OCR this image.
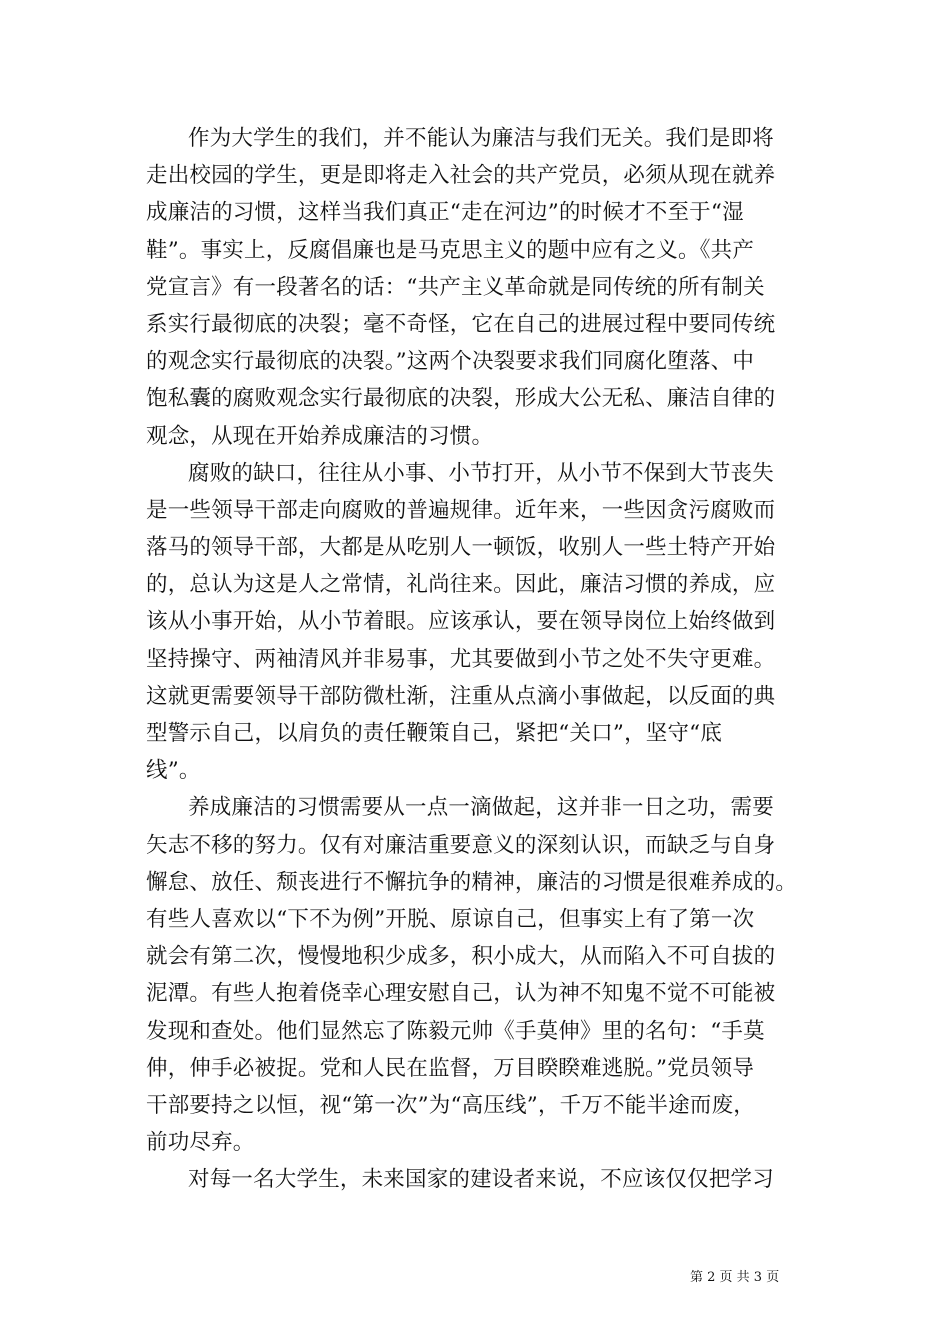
作为大学生的我们，并不能认为廉洁与我们无关。我们是即将
走出校园的学生，更是即将走入社会的共产党员，必须从现在就养
成廉洁的习惯，这样当我们真正“走在河边”的时候才不至于“湿
鞋”。事实上，反腐倡廉也是马克思主义的题中应有之义。《共产
党宣言》有一段著名的话：“共产主义革命就是同传统的所有制关
系实行最彻底的决裂；毫不奇怪，它在自己的进展过程中要同传统
的观念实行最彻底的决裂。”这两个决裂要求我们同腐化堕落、中
饱私囊的腐败观念实行最彻底的决裂，形成大公无私、廉洁自律的
观念，从现在开始养成廉洁的习惯。
腐败的缺口，往往从小事、小节打开，从小节不保到大节丧失
是一些领导干部走向腐败的普遍规律。近年来，一些因贪污腐败而
落马的领导干部，大都是从吃别人一顿饭，收别人一些土特产开始
的，总认为这是人之常情，礼尚往来。因此，廉洁习惯的养成，应
该从小事开始，从小节着眼。应该承认，要在领导岗位上始终做到
坚持操守、两袖清风并非易事，尤其要做到小节之处不失守更难。
这就更需要领导干部防微杜渐，注重从点滴小事做起，以反面的典
型警示自己，以肩负的责任鞭策自己，紧把“关口”，坚守“底
线”。
养成廉洁的习惯需要从一点一滴做起，这并非一日之功，需要
矢志不移的努力。仅有对廉洁重要意义的深刻认识，而缺乏与自身
懈怠、放任、颓丧进行不懈抗争的精神，廉洁的习惯是很难养成的。
有些人喜欢以“下不为例”开脱、原谅自己，但事实上有了第一次
就会有第二次，慢慢地积少成多，积小成大，从而陷入不可自拔的
泥潭。有些人抱着侥幸心理安慰自己，认为神不知鬼不觉不可能被
发现和查处。他们显然忘了陈毅元帅《手莫伸》里的名句：“手莫
伸，伸手必被捉。党和人民在监督，万目睽睽难逃脱。”党员领导
干部要持之以恒，视“第一次”为“高压线”，千万不能半途而废，
前功尽弃。
对每一名大学生，未来国家的建设者来说，不应该仅仅把学习
第 2 页 共 3 页
